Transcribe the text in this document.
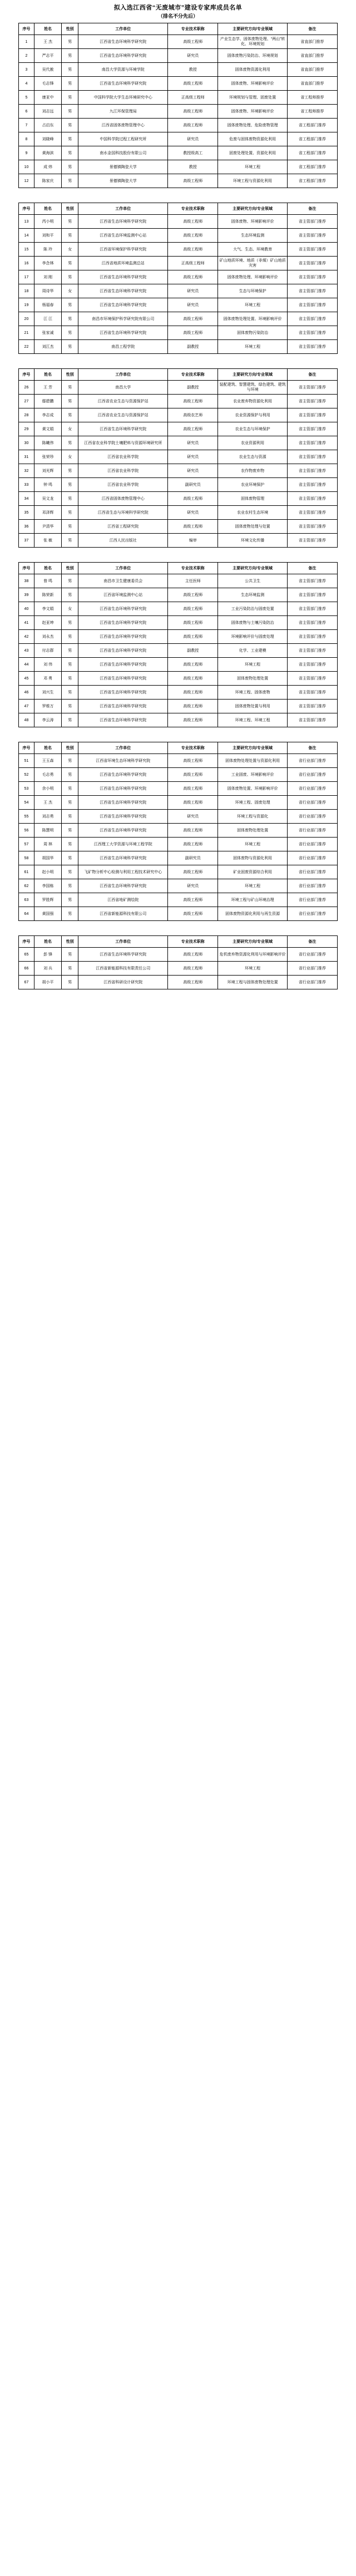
拟入选江西省“无废城市”建设专家库成员名单
（排名不分先后）
序号	姓名	性别	工作单位	专业技术职称	主要研究方向/专业领域	备注
1	王 杰	男	江西省生态环境科学研究院	高级工程师	产业生态学、固体废物处理、“两山”转化、环境规划	省直部门推荐
2	严志平	男	江西省生态环境科学研究院	研究员	固体废物污染防治、环境规划	省直部门推荐
3	吴代赦	男	南昌大学资源与环境学院	教授	固体废物资源化利用	省直部门推荐
4	毛志锋	男	江西省生态环境科学研究院	高级工程师	固体废物、环境影响评价	省直部门推荐
5	康亚中	男	中国科学院大学生态环境研究中心	正高级工程师	环境规划与管理、固废处置	省工程师推荐
6	刘志远	男	九江环保管理局	高级工程师	固体废物、环境影响评价	省工程师推荐
7	占启东	男	江西省固体废物管理中心	高级工程师	固体废物处理、危险废物管理	省工程部门推荐
8	刘晓峰	男	中国科学院过程工程研究所	研究员	危废与固体废物资源化利用	省工程部门推荐
9	黄海滨	男	南水金国科技股份有限公司	教授级高工	固废处理处置、资源化利用	省工程部门推荐
10	成 炜	男	景德镇陶瓷大学	教授	环境工程	省工程部门推荐
12	陈家庆	男	景德镇陶瓷大学	高级工程师	环境工程与资源化利用	省工程部门推荐
序号	姓名	性别	工作单位	专业技术职称	主要研究方向/专业领域	备注
13	芮小明	男	江西省生态环境科学研究院	高级工程师	固体废物、环境影响评价	省主管部门推荐
14	刘和平	男	江西省生态环境监测中心站	高级工程师	生态环境监测	省主管部门推荐
15	陈 玲	女	江西省环境保护科学研究院	高级工程师	大气、生态、环境教育	省主管部门推荐
16	李念林	男	江西省地质环境监测总站	正高级工程师	矿山地质环境、地质（非煤）矿山地质灾害	省主管部门推荐
17	刘 刚	男	江西省生态环境科学研究院	高级工程师	固体废物处理、环境影响评价	省主管部门推荐
18	周诗华	女	江西省生态环境科学研究院	研究员	生态与环境保护	省主管部门推荐
19	杨福春	男	江西省生态环境科学研究院	研究员	环境工程	省主管部门推荐
20	江 江	男	南昌市环境保护科学研究院有限公司	高级工程师	固体废物处理处置、环境影响评价	省主管部门推荐
21	张家诚	男	江西省生态环境科学研究院	高级工程师	固体废物污染防治	省主管部门推荐
22	刘江杰	男	南昌工程学院	副教授	环境工程	省主管部门推荐
序号	姓名	性别	工作单位	专业技术职称	主要研究方向/专业领域	备注
26	王 芳	男	南昌大学	副教授	装配建筑、智慧建筑、绿色建筑、建筑与环境	省主管部门推荐
27	鄢碧鹏	男	江西省农业生态与资源保护站	高级工程师	农业废弃物资源化利用	省主管部门推荐
28	李志成	男	江西省农业生态与资源保护站	高级农艺师	农业资源保护与利用	省主管部门推荐
29	黄文娟	女	江西省生态环境科学研究院	高级工程师	农业生态与环境保护	省主管部门推荐
30	陈曦伟	男	江西省农业科学院土壤肥料与资源环境研究所	研究员	农业资源利用	省主管部门推荐
31	张荣珍	女	江西省农业科学院	研究员	农业生态与资源	省主管部门推荐
32	刘光辉	男	江西省农业科学院	研究员	农作物废弃物	省主管部门推荐
33	钟 鸣	男	江西省农业科学院	副研究员	农业环境保护	省主管部门推荐
34	吴文龙	男	江西省固体废物管理中心	高级工程师	固体废物管理	省主管部门推荐
35	邓泽辉	男	江西省生态与环境科学研究院	研究员	农业农村生态环境	省主管部门推荐
36	尹清华	男	江西省工程研究院	高级工程师	固体废物处理与处置	省主管部门推荐
37	张 敏	男	江西人民出版社	编审	环境文化传播	省主管部门推荐
序号	姓名	性别	工作单位	专业技术职称	主要研究方向/专业领域	备注
38	曾 鸣	男	南昌市卫生健康委员会	主任医师	公共卫生	省主管部门推荐
39	陈荣新	男	江西省环境监测中心站	高级工程师	生态环境监测	省主管部门推荐
40	李文娟	女	江西省生态环境科学研究院	高级工程师	工业污染防治与固废处置	省主管部门推荐
41	赵亚坤	男	江西省生态环境科学研究院	高级工程师	固体废物与土壤污染防治	省主管部门推荐
42	刘永杰	男	江西省生态环境科学研究院	高级工程师	环境影响评价与固废处理	省主管部门推荐
43	付志群	男	江西省生态环境科学研究院	副教授	化学、工业建模	省主管部门推荐
44	刘 伟	男	江西省生态环境科学研究院	高级工程师	环境工程	省主管部门推荐
45	邓 勇	男	江西省生态环境科学研究院	高级工程师	固体废物处理处置	省主管部门推荐
46	刘兴生	男	江西省生态环境科学研究院	高级工程师	环境工程、固体废物	省主管部门推荐
47	罗维万	男	江西省生态环境科学研究院	高级工程师	固体废物处置与利用	省主管部门推荐
48	李云涛	男	江西省生态环境科学研究院	高级工程师	环境工程、环境工程	省主管部门推荐
序号	姓名	性别	工作单位	专业技术职称	主要研究方向/专业领域	备注
51	王玉森	男	江西省环境生态环境科学研究院	高级工程师	固体废物处理处置与资源化利用	省行业部门推荐
52	毛志勇	男	江西省生态环境科学研究院	高级工程师	工业固废、环境影响评价	省行业部门推荐
53	余小明	男	江西省生态环境科学研究院	高级工程师	固体废物处置、环境影响评价	省行业部门推荐
54	王 杰	男	江西省生态环境科学研究院	高级工程师	环境工程、固废处理	省行业部门推荐
55	刘志勇	男	江西省生态环境科学研究院	研究员	环境工程与资源化	省行业部门推荐
56	陈慧明	男	江西省生态环境科学研究院	高级工程师	固体废物处理处置	省行业部门推荐
57	周 林	男	江西理工大学资源与环境工程学院	高级工程师	环境工程	省行业部门推荐
58	胡国华	男	江西省生态环境科学研究院	副研究员	固体废物与资源化利用	省行业部门推荐
61	赵小明	男	飞矿物分析中心检测与利用工程技术研究中心	高级工程师	矿业固废资源综合利用	省行业部门推荐
62	李国栋	男	江西省生态环境科学研究院	研究员	环境工程	省行业部门推荐
63	罗胜辉	男	江西省地矿测绘院	高级工程师	环境工程与矿山环境治理	省行业部门推荐
64	黄国强	男	江西省新能源科技有限公司	高级工程师	固体废物资源化利用与再生资源	省行业部门推荐
序号	姓名	性别	工作单位	专业技术职称	主要研究方向/专业领域	备注
65	彭 锋	男	江西省生态环境科学研究院	高级工程师	危机废弃物资源化利用与环境影响评价	省行业部门推荐
66	刘 兵	男	江西省新能源科技有限责任公司	高级工程师	环境工程	省行业部门推荐
67	胡小平	男	江西省科研设计研究院	高级工程师	环境工程与固体废物处理处置	省行业部门推荐
